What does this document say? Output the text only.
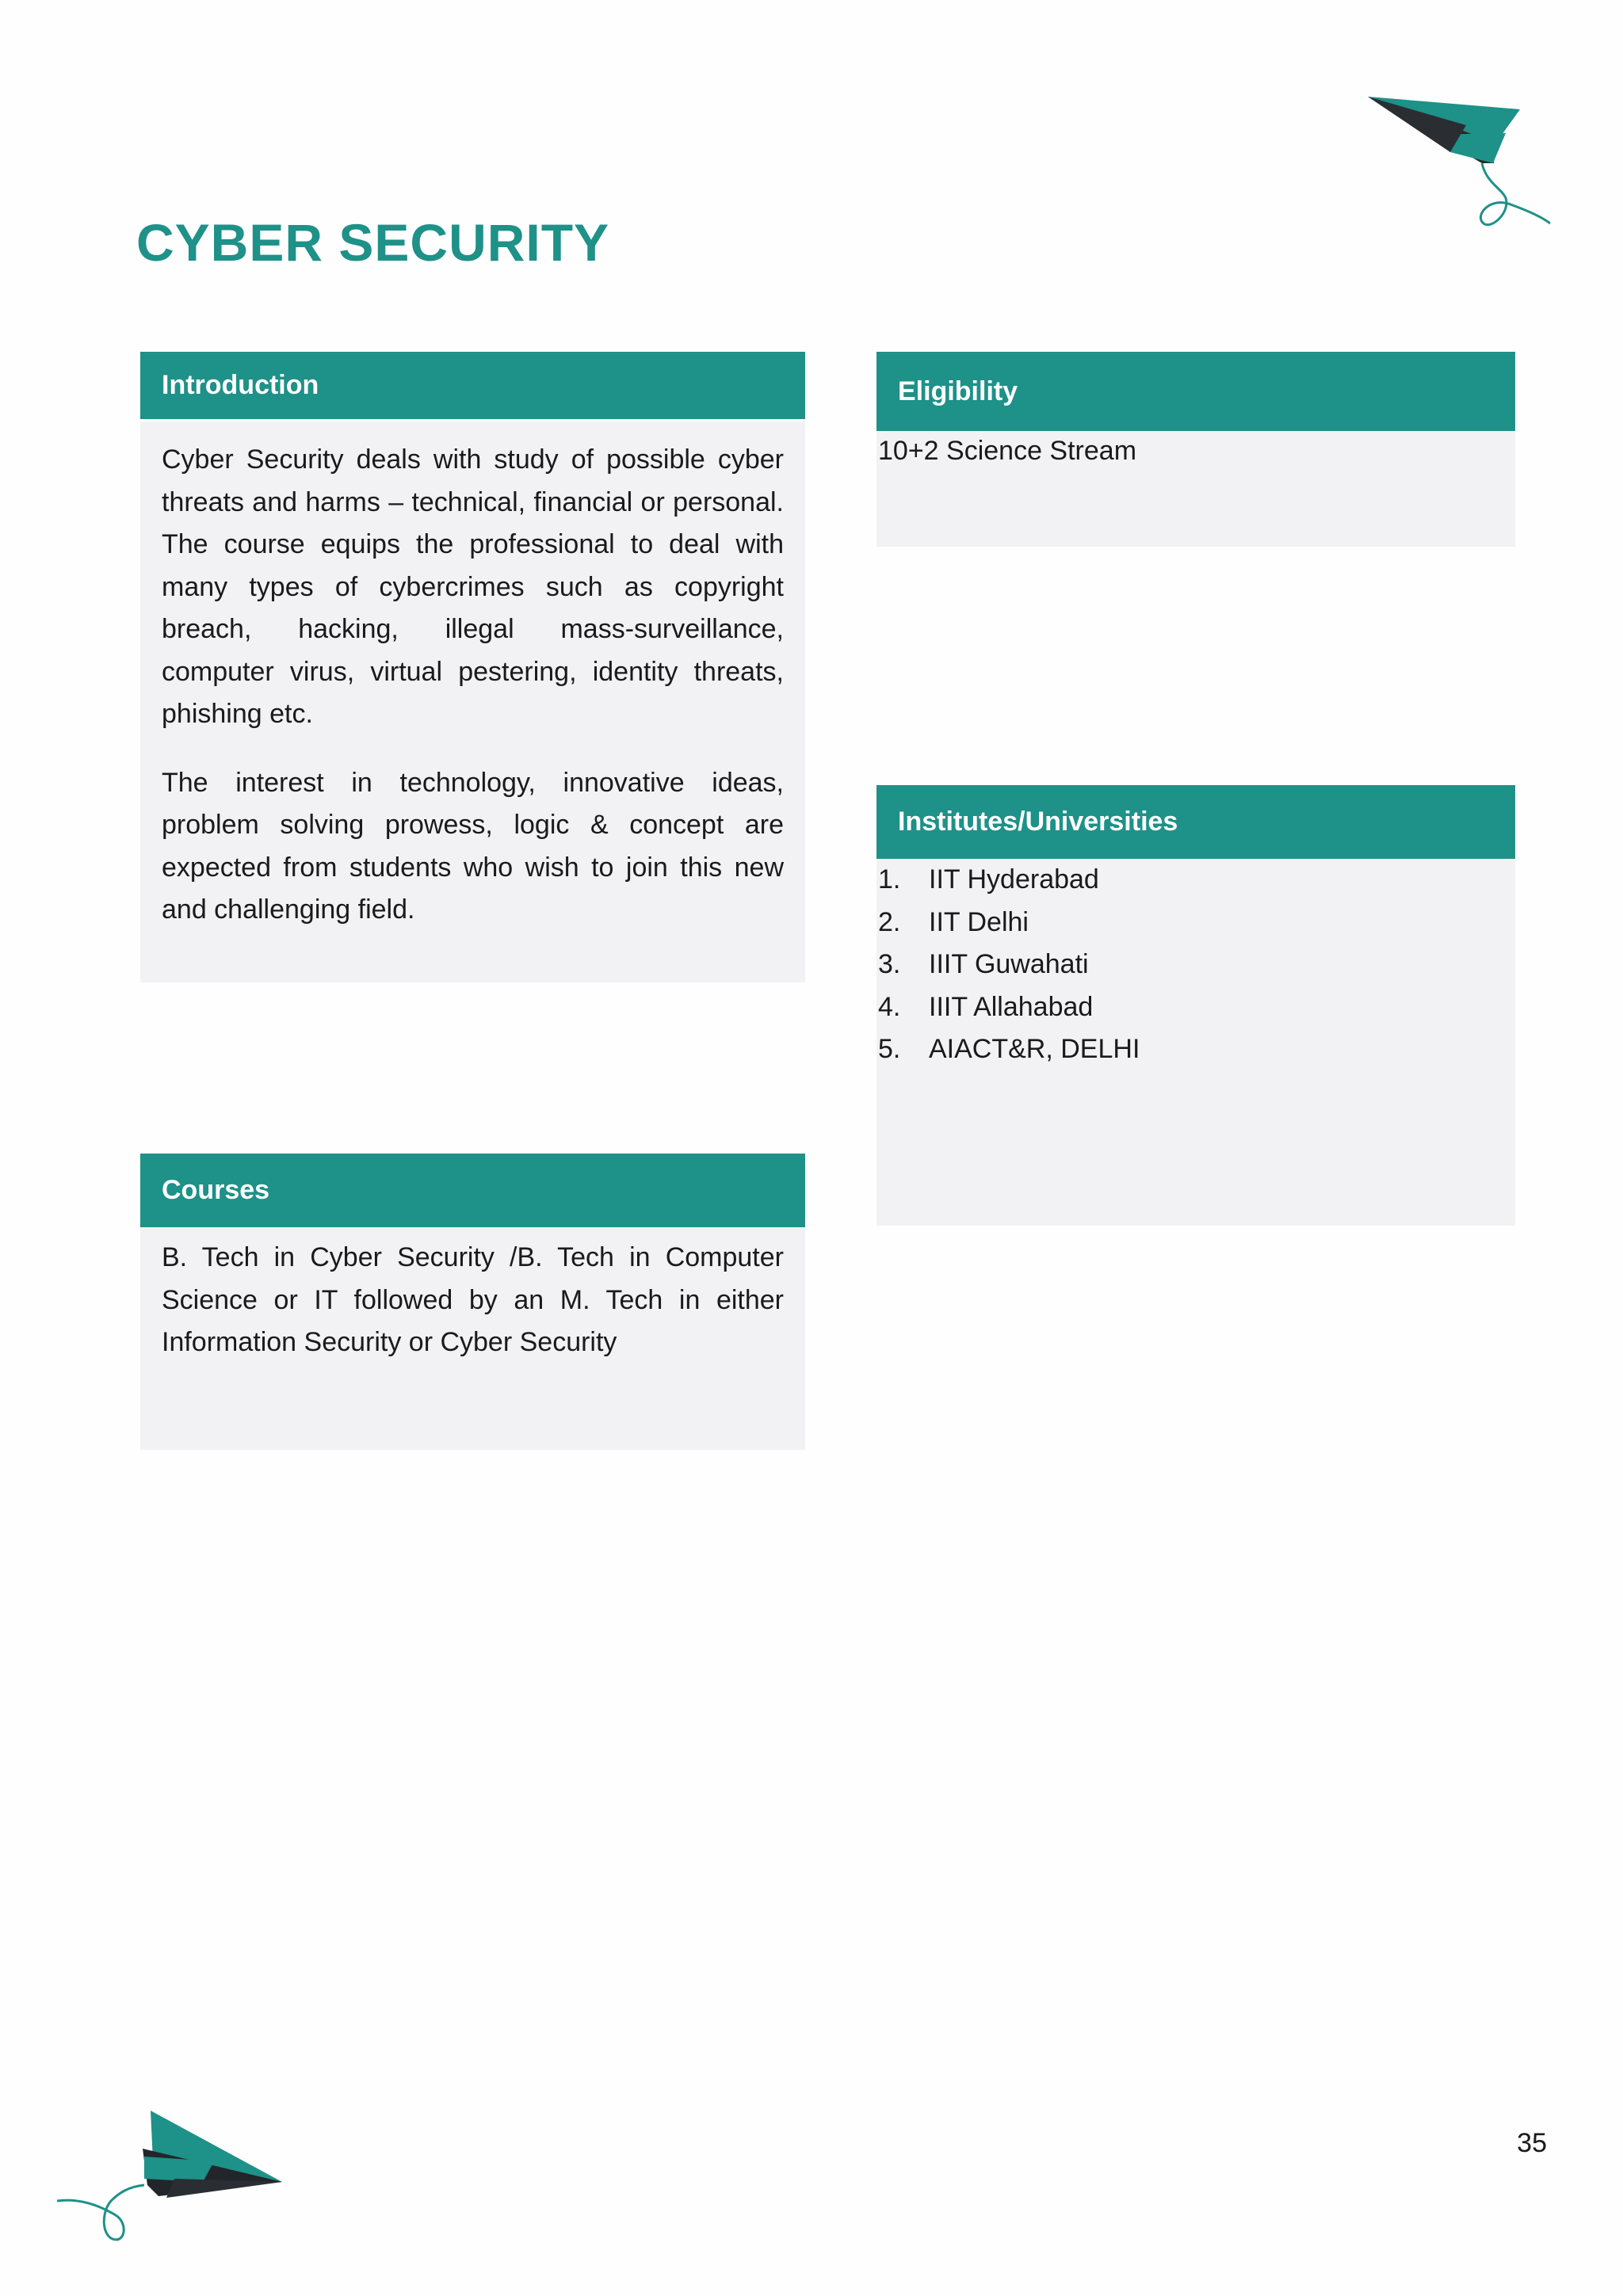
CYBER SECURITY
Introduction

Cyber Security deals with study of possible cyber threats and harms – technical, financial or personal. The course equips the professional to deal with many types of cybercrimes such as copyright breach, hacking, illegal mass-surveillance, computer virus, virtual pestering, identity threats, phishing etc.

The interest in technology, innovative ideas, problem solving prowess, logic & concept are expected from students who wish to join this new and challenging field.

Courses

B. Tech in Cyber Security /B. Tech in Computer Science or IT followed by an M. Tech in either Information Security or Cyber Security

Eligibility
10+2 Science Stream
Institutes/Universities
1.	IIT Hyderabad
2.	IIT Delhi
3.	IIIT Guwahati
4.	IIIT Allahabad
5.	AIACT&R, DELHI
35
